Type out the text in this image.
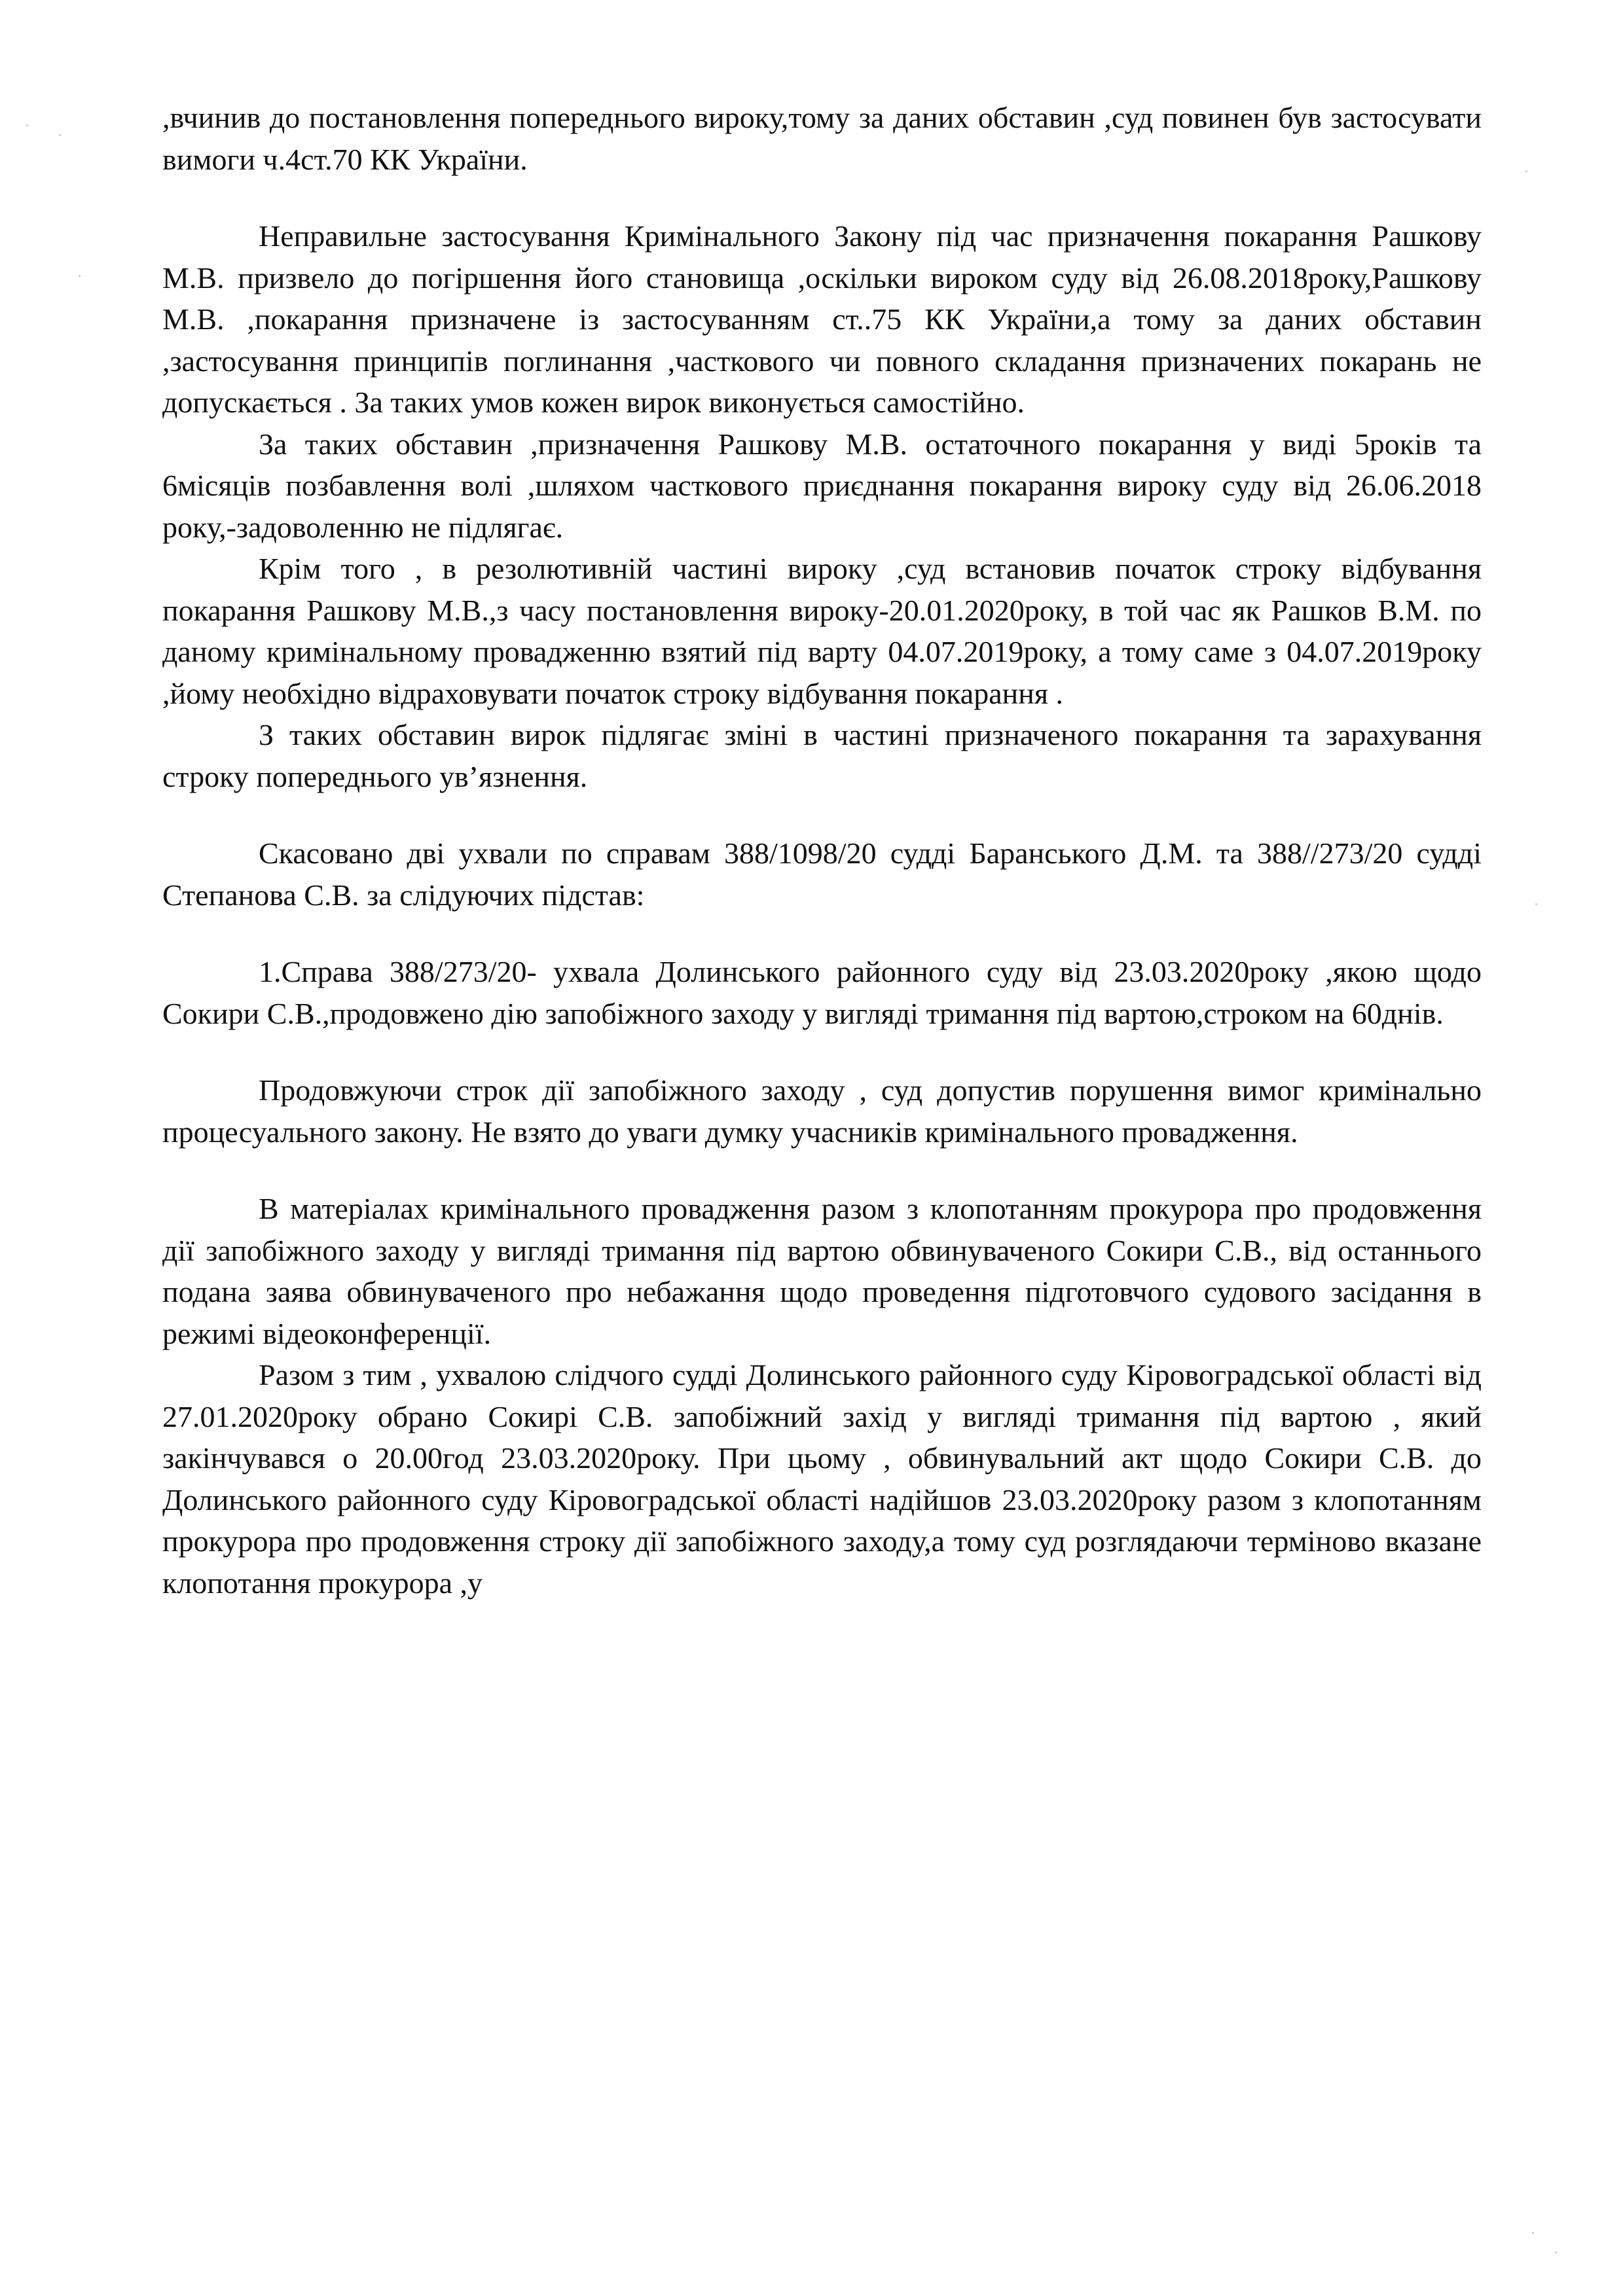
,вчинив до постановлення попереднього вироку,тому за даних обставин ,суд повинен був застосувати вимоги ч.4ст.70 КК України.

Неправильне застосування Кримінального Закону під час призначення покарання Рашкову М.В. призвело до погіршення його становища ,оскільки вироком суду від 26.08.2018року,Рашкову М.В. ,покарання призначене із застосуванням ст..75 КК України,а тому за даних обставин ,застосування принципів поглинання ,часткового чи повного складання призначених покарань не допускається . За таких умов кожен вирок виконується самостійно.

За таких обставин ,призначення Рашкову М.В. остаточного покарання у виді 5років та 6місяців позбавлення волі ,шляхом часткового приєднання покарання вироку суду від 26.06.2018 року,-задоволенню не підлягає.

Крім того , в резолютивній частині вироку ,суд встановив початок строку відбування покарання Рашкову М.В.,з часу постановлення вироку-20.01.2020року, в той час як Рашков В.М. по даному кримінальному провадженню взятий під варту 04.07.2019року, а тому саме з 04.07.2019року ,йому необхідно відраховувати початок строку відбування покарання .

З таких обставин вирок підлягає зміні в частині призначеного покарання та зарахування строку попереднього ув’язнення.

Скасовано дві ухвали по справам 388/1098/20 судді Баранського Д.М. та 388//273/20 судді Степанова С.В. за слідуючих підстав:

1.Справа 388/273/20- ухвала Долинського районного суду від 23.03.2020року ,якою щодо Сокири С.В.,продовжено дію запобіжного заходу у вигляді тримання під вартою,строком на 60днів.

Продовжуючи строк дії запобіжного заходу , суд допустив порушення вимог кримінально процесуального закону. Не взято до уваги думку учасників кримінального провадження.

В матеріалах кримінального провадження разом з клопотанням прокурора про продовження дії запобіжного заходу у вигляді тримання під вартою обвинуваченого Сокири С.В., від останнього подана заява обвинуваченого про небажання щодо проведення підготовчого судового засідання в режимі відеоконференції.

Разом з тим , ухвалою слідчого судді Долинського районного суду Кіровоградської області від 27.01.2020року обрано Сокирі С.В. запобіжний захід у вигляді тримання під вартою , який закінчувався о 20.00год 23.03.2020року. При цьому , обвинувальний акт щодо Сокири С.В. до Долинського районного суду Кіровоградської області надійшов 23.03.2020року разом з клопотанням прокурора про продовження строку дії запобіжного заходу,а тому суд розглядаючи терміново вказане клопотання прокурора ,у
